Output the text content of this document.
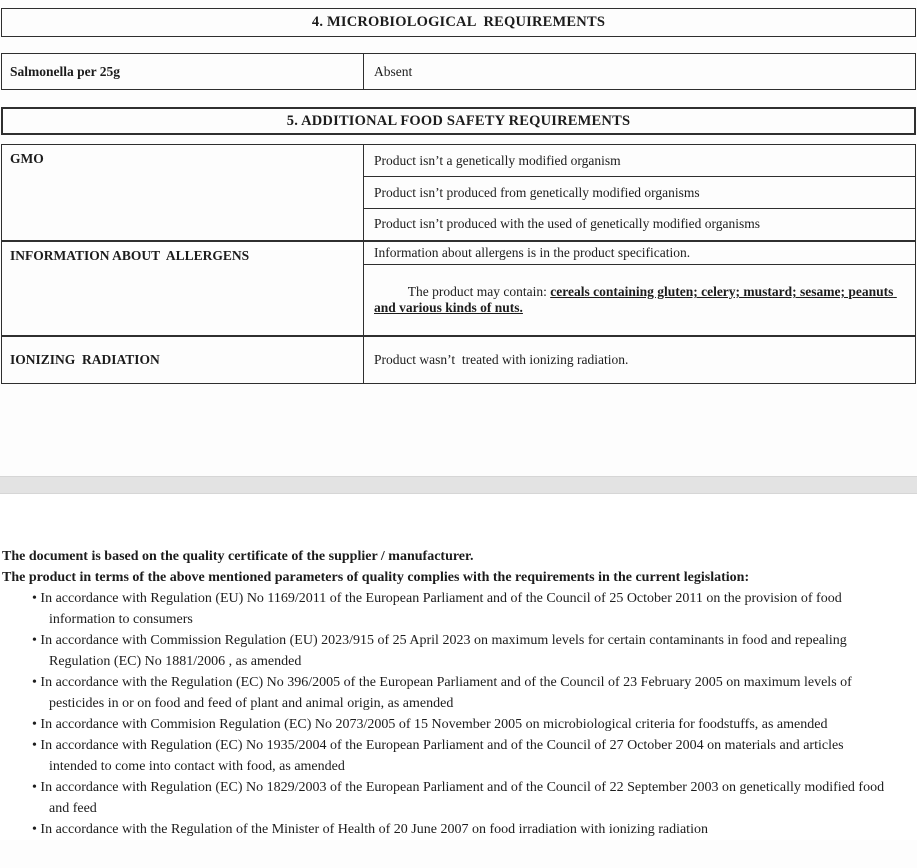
4. MICROBIOLOGICAL  REQUIREMENTS
Salmonella per 25g	Absent
5. ADDITIONAL FOOD SAFETY REQUIREMENTS
GMO	Product isn’t a genetically modified organism
	Product isn’t produced from genetically modified organisms
	Product isn’t produced with the used of genetically modified organisms
INFORMATION ABOUT  ALLERGENS	Information about allergens is in the product specification.

The product may contain: cereals containing gluten; celery; mustard; sesame; peanuts and various kinds of nuts.

IONIZING  RADIATION	Product wasn’t  treated with ionizing radiation.
The document is based on the quality certificate of the supplier / manufacturer.
The product in terms of the above mentioned parameters of quality complies with the requirements in the current legislation:
• In accordance with Regulation (EU) No 1169/2011 of the European Parliament and of the Council of 25 October 2011 on the provision of food information to consumers
• In accordance with Commission Regulation (EU) 2023/915 of 25 April 2023 on maximum levels for certain contaminants in food and repealing Regulation (EC) No 1881/2006 , as amended
• In accordance with the Regulation (EC) No 396/2005 of the European Parliament and of the Council of 23 February 2005 on maximum levels of pesticides in or on food and feed of plant and animal origin, as amended
• In accordance with Commision Regulation (EC) No 2073/2005 of 15 November 2005 on microbiological criteria for foodstuffs, as amended
• In accordance with Regulation (EC) No 1935/2004 of the European Parliament and of the Council of 27 October 2004 on materials and articles intended to come into contact with food, as amended
• In accordance with Regulation (EC) No 1829/2003 of the European Parliament and of the Council of 22 September 2003 on genetically modified food and feed
• In accordance with the Regulation of the Minister of Health of 20 June 2007 on food irradiation with ionizing radiation
